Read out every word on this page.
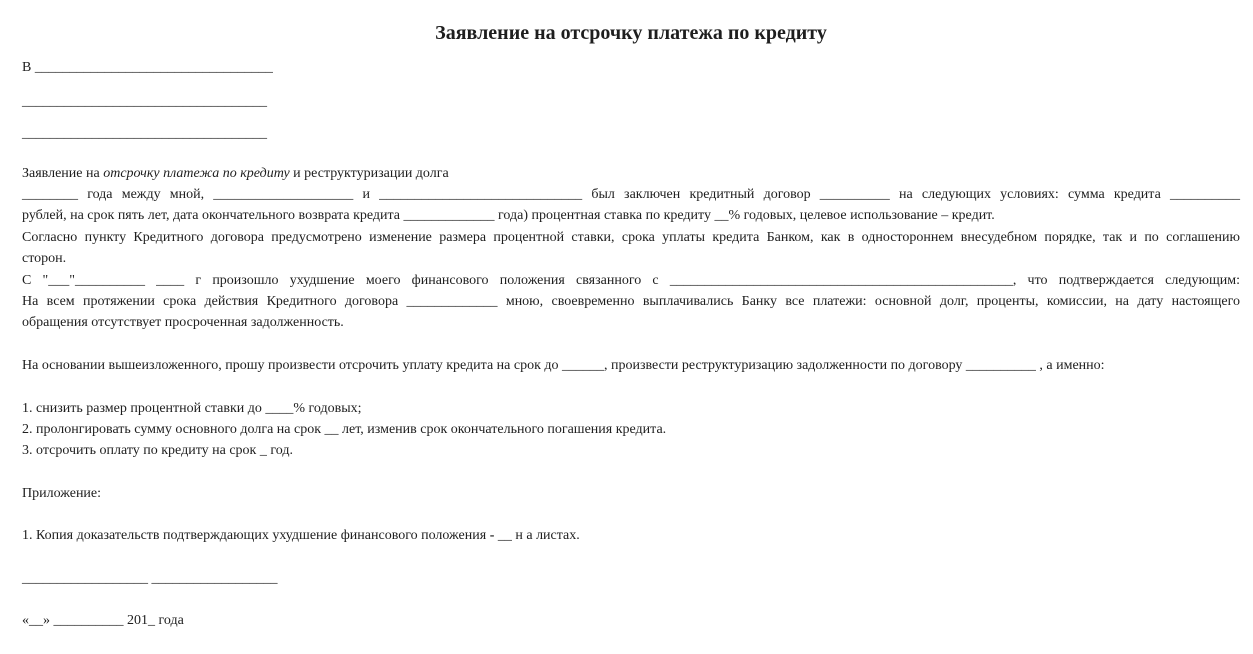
Заявление на отсрочку платежа по кредиту
В __________________________________
___________________________________
___________________________________
Заявление на отсрочку платежа по кредиту и реструктуризации долга
________ года между мной, ____________________ и _____________________________ был заключен кредитный договор __________ на следующих условиях: сумма кредита __________
рублей, на срок пять лет, дата окончательного возврата кредита _____________ года) процентная ставка по кредиту __% годовых, целевое использование – кредит.
Согласно пункту Кредитного договора предусмотрено изменение размера процентной ставки, срока уплаты кредита Банком, как в одностороннем внесудебном порядке, так и по соглашению
сторон.
С "___"__________ ____ г произошло ухудшение моего финансового положения связанного с _________________________________________________, что подтверждается следующим:
На всем протяжении срока действия Кредитного договора _____________ мною, своевременно выплачивались Банку все платежи: основной долг, проценты, комиссии, на дату настоящего
обращения отсутствует просроченная задолженность.
На основании вышеизложенного, прошу произвести отсрочить уплату кредита на срок до ______, произвести реструктуризацию задолженности по договору __________ , а именно:
1. снизить размер процентной ставки до ____% годовых;
2. пролонгировать сумму основного долга на срок __ лет, изменив срок окончательного погашения кредита.
3. отсрочить оплату по кредиту на срок _ год.
Приложение:
1. Копия доказательств подтверждающих ухудшение финансового положения - __ н а листах.
__________________ __________________
«__» __________ 201_ года
